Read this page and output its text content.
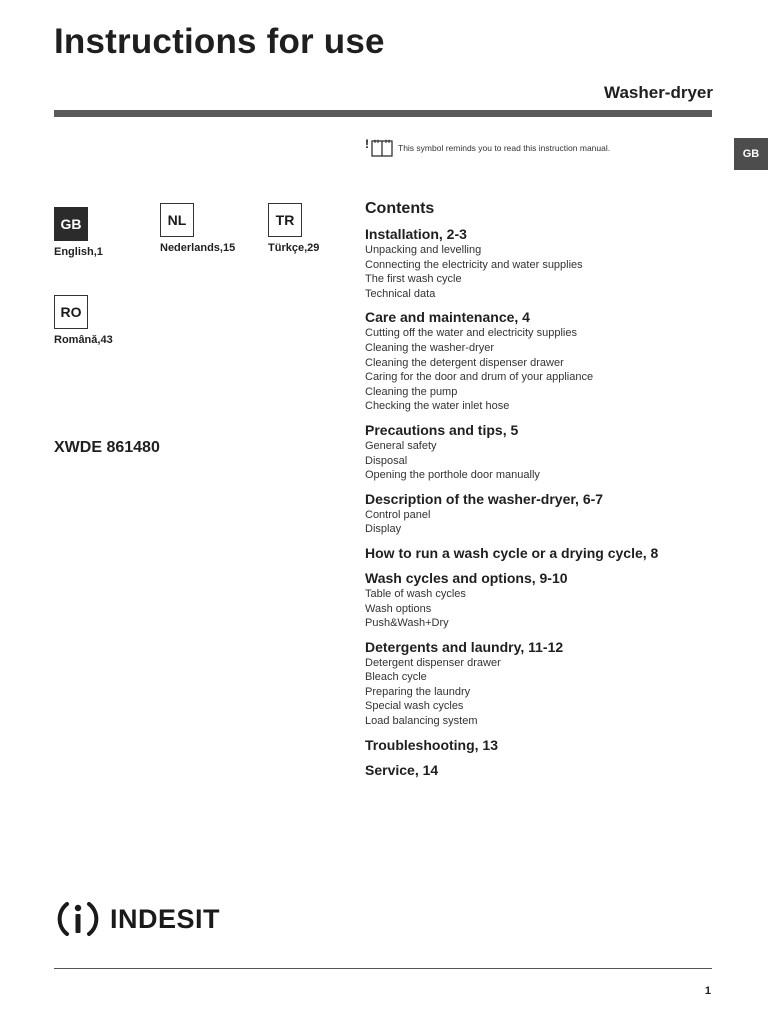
Instructions for use
Washer-dryer
GB
!	This symbol reminds you to read this instruction manual.
GB
English,1
NL
Nederlands,15
TR
Türkçe,29
RO
Română,43
XWDE 861480
Contents
Installation, 2-3
Unpacking and levelling
Connecting the electricity and water supplies
The first wash cycle
Technical data
Care and maintenance, 4
Cutting off the water and electricity supplies
Cleaning the washer-dryer
Cleaning the detergent dispenser drawer
Caring for the door and drum of your appliance
Cleaning the pump
Checking the water inlet hose
Precautions and tips, 5
General safety
Disposal
Opening the porthole door manually
Description of the washer-dryer, 6-7
Control panel
Display
How to run a wash cycle or a drying cycle, 8
Wash cycles and options, 9-10
Table of wash cycles
Wash options
Push&Wash+Dry
Detergents and laundry, 11-12
Detergent dispenser drawer
Bleach cycle
Preparing the laundry
Special wash cycles
Load balancing system
Troubleshooting, 13
Service, 14
INDESIT
1
